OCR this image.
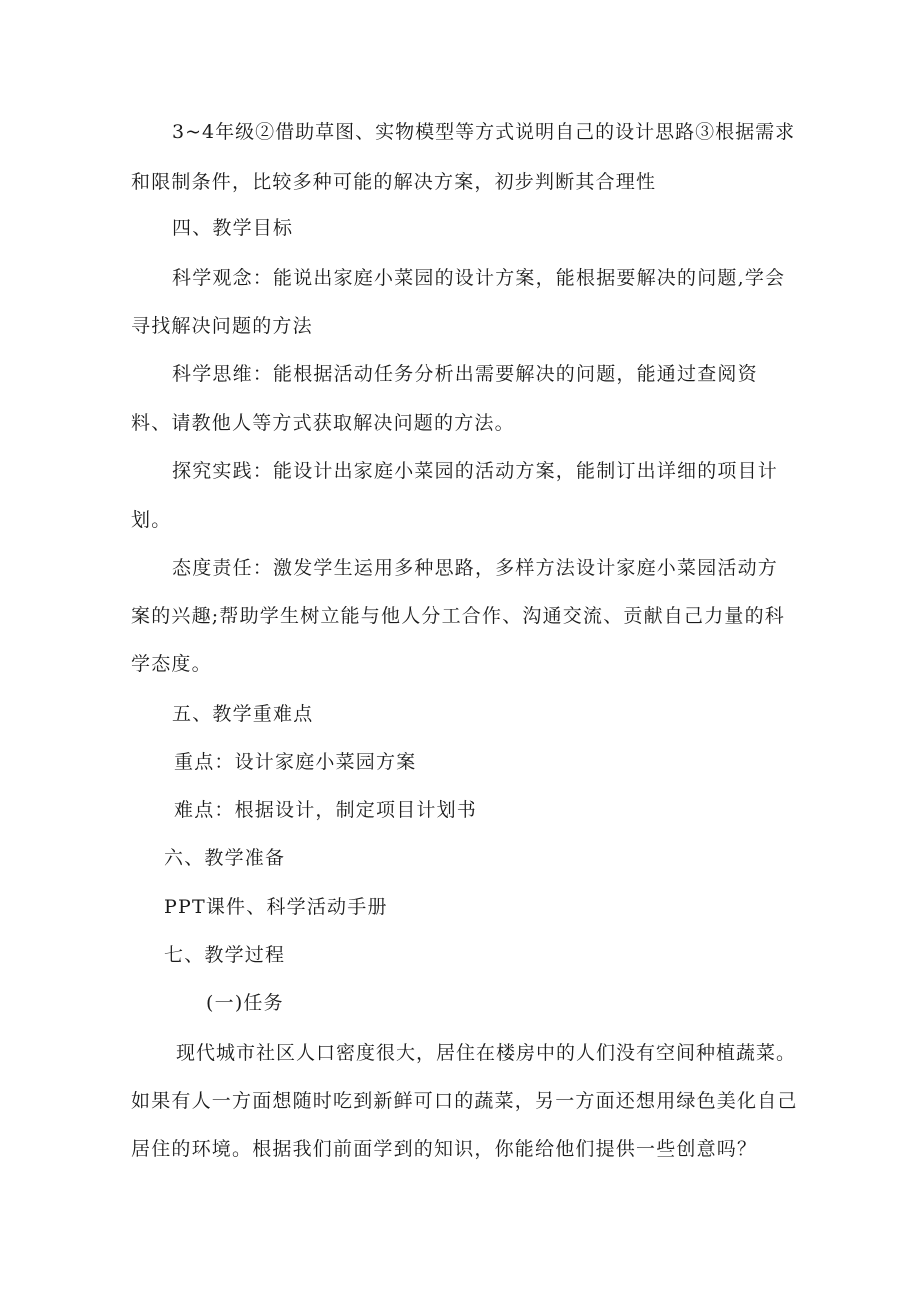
3~4年级②借助草图、实物模型等方式说明自己的设计思路③根据需求
和限制条件，比较多种可能的解决方案，初步判断其合理性
四、教学目标
科学观念：能说出家庭小菜园的设计方案，能根据要解决的问题,学会
寻找解决问题的方法
科学思维：能根据活动任务分析出需要解决的问题，能通过查阅资
料、请教他人等方式获取解决问题的方法。
探究实践：能设计出家庭小菜园的活动方案，能制订出详细的项目计
划。
态度责任：激发学生运用多种思路，多样方法设计家庭小菜园活动方
案的兴趣;帮助学生树立能与他人分工合作、沟通交流、贡献自己力量的科
学态度。
五、教学重难点
重点：设计家庭小菜园方案
难点：根据设计，制定项目计划书
六、教学准备
PPT课件、科学活动手册
七、教学过程
(一)任务
现代城市社区人口密度很大，居住在楼房中的人们没有空间种植蔬菜。
如果有人一方面想随时吃到新鲜可口的蔬菜，另一方面还想用绿色美化自己
居住的环境。根据我们前面学到的知识，你能给他们提供一些创意吗？
